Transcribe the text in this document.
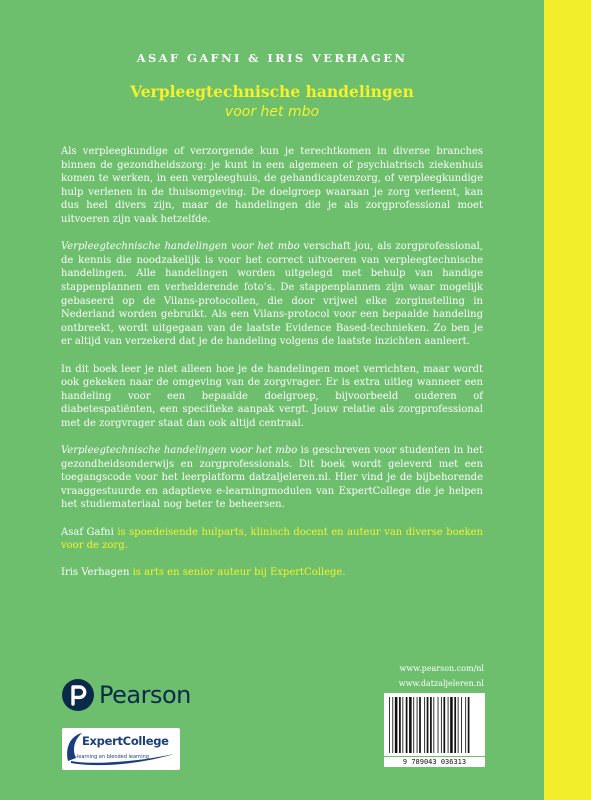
ASAF GAFNI & IRIS VERHAGEN
Verpleegtechnische handelingen
voor het mbo

Als verpleegkundige of verzorgende kun je terechtkomen in diverse branches binnen de gezondheidszorg: je kunt in een algemeen of psychiatrisch ziekenhuis komen te werken, in een verpleeghuis, de gehandicaptenzorg, of verpleegkundige hulp verlenen in de thuisomgeving. De doelgroep waaraan je zorg verleent, kan dus heel divers zijn, maar de handelingen die je als zorgprofessional moet uitvoeren zijn vaak hetzelfde.

Verpleegtechnische handelingen voor het mbo verschaft jou, als zorgprofessional, de kennis die noodzakelijk is voor het correct uitvoeren van verpleegtechnische handelingen. Alle handelingen worden uitgelegd met behulp van handige stappenplannen en verhelderende foto’s. De stappenplannen zijn waar mogelijk gebaseerd op de Vilans-protocollen, die door vrijwel elke zorginstelling in Nederland worden gebruikt. Als een Vilans-protocol voor een bepaalde handeling ontbreekt, wordt uitgegaan van de laatste Evidence Based-technieken. Zo ben je er altijd van verzekerd dat je de handeling volgens de laatste inzichten aanleert.

In dit boek leer je niet alleen hoe je de handelingen moet verrichten, maar wordt ook gekeken naar de omgeving van de zorgvrager. Er is extra uitleg wanneer een handeling voor een bepaalde doelgroep, bijvoorbeeld ouderen of diabetespatiënten, een specifieke aanpak vergt. Jouw relatie als zorgprofessional met de zorgvrager staat dan ook altijd centraal.

Verpleegtechnische handelingen voor het mbo is geschreven voor studenten in het gezondheidsonderwijs en zorgprofessionals. Dit boek wordt geleverd met een toegangscode voor het leerplatform datzaljeleren.nl. Hier vind je de bijbehorende vraaggestuurde en adaptieve e-learningmodulen van ExpertCollege die je helpen het studiemateriaal nog beter te beheersen.

Asaf Gafni is spoedeisende hulparts, klinisch docent en auteur van diverse boeken voor de zorg.

Iris Verhagen is arts en senior auteur bij ExpertCollege.

www.pearson.com/nl
www.datzaljeleren.nl
Pearson
ExpertCollege
e-learning en blended learning
9 789043 036313
